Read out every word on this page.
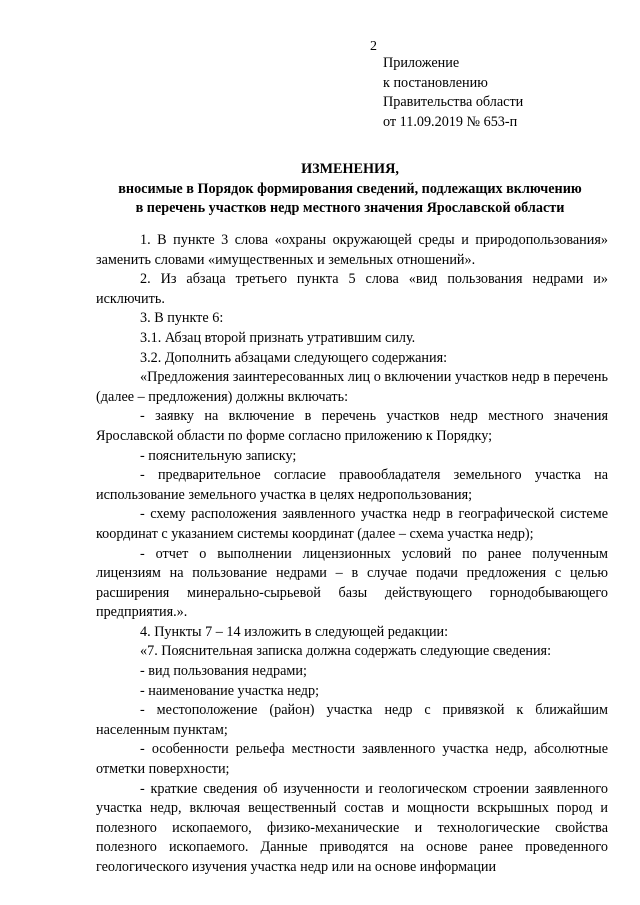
2
Приложение
к постановлению
Правительства области
от 11.09.2019 № 653-п
ИЗМЕНЕНИЯ,
вносимые в Порядок формирования сведений, подлежащих включению
в перечень участков недр местного значения Ярославской области

1. В пункте 3 слова «охраны окружающей среды и природопользования» заменить словами «имущественных и земельных отношений».

2. Из абзаца третьего пункта 5 слова «вид пользования недрами и» исключить.

3. В пункте 6:

3.1. Абзац второй признать утратившим силу.

3.2. Дополнить абзацами следующего содержания:

«Предложения заинтересованных лиц о включении участков недр в перечень (далее – предложения) должны включать:

- заявку на включение в перечень участков недр местного значения Ярославской области по форме согласно приложению к Порядку;

- пояснительную записку;

- предварительное согласие правообладателя земельного участка на использование земельного участка в целях недропользования;

- схему расположения заявленного участка недр в географической системе координат с указанием системы координат (далее – схема участка недр);

- отчет о выполнении лицензионных условий по ранее полученным лицензиям на пользование недрами – в случае подачи предложения с целью расширения минерально-сырьевой базы действующего горнодобывающего предприятия.».

4. Пункты 7 – 14 изложить в следующей редакции:

«7. Пояснительная записка должна содержать следующие сведения:

- вид пользования недрами;

- наименование участка недр;

- местоположение (район) участка недр с привязкой к ближайшим населенным пунктам;

- особенности рельефа местности заявленного участка недр, абсолютные отметки поверхности;

- краткие сведения об изученности и геологическом строении заявленного участка недр, включая вещественный состав и мощности вскрышных пород и полезного ископаемого, физико-механические и технологические свойства полезного ископаемого. Данные приводятся на основе ранее проведенного геологического изучения участка недр или на основе информации
